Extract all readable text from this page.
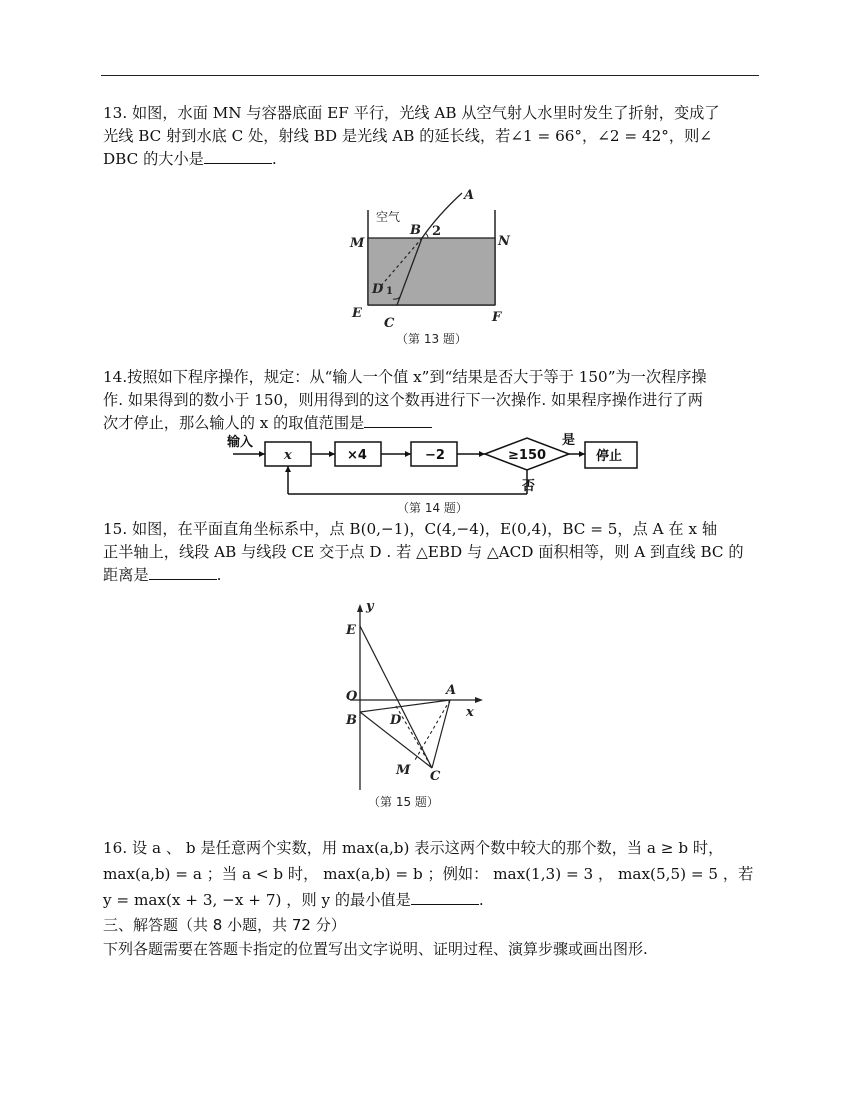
13. 如图，水面 MN 与容器底面 EF 平行，光线 AB 从空气射人水里时发生了折射，变成了
光线 BC 射到水底 C 处，射线 BD 是光线 AB 的延长线，若∠1 = 66°，∠2 = 42°，则∠
DBC 的大小是	.

空气
A
B 2
1
D
M	N
E
C	F
（第 13 题）

14.按照如下程序操作，规定：从“输人一个值 x”到“结果是否大于等于 150”为一次程序操
作. 如果得到的数小于 150，则用得到的这个数再进行下一次操作. 如果程序操作进行了两
次才停止，那么输人的 x 的取值范围是

输入
x	×4	−2	≥150
是
停止
否
（第 14 题）

15. 如图，在平面直角坐标系中，点 B(0,−1)，C(4,−4)，E(0,4)，BC = 5，点 A 在 x 轴
正半轴上，线段 AB 与线段 CE 交于点 D . 若 △EBD 与 △ACD 面积相等，则 A 到直线 BC 的
距离是	.

y
x
E
O
B
A
D
M C
（第 15 题）

16. 设 a 、 b 是任意两个实数，用 max(a,b) 表示这两个数中较大的那个数，当 a ≥ b 时，
max(a,b) = a ；当 a < b 时， max(a,b) = b ；例如： max(1,3) = 3 ， max(5,5) = 5 ，若
y = max(x + 3, −x + 7) ，则 y 的最小值是	.

三、解答题（共 8 小题，共 72 分）
下列各题需要在答题卡指定的位置写出文字说明、证明过程、演算步骤或画出图形.
